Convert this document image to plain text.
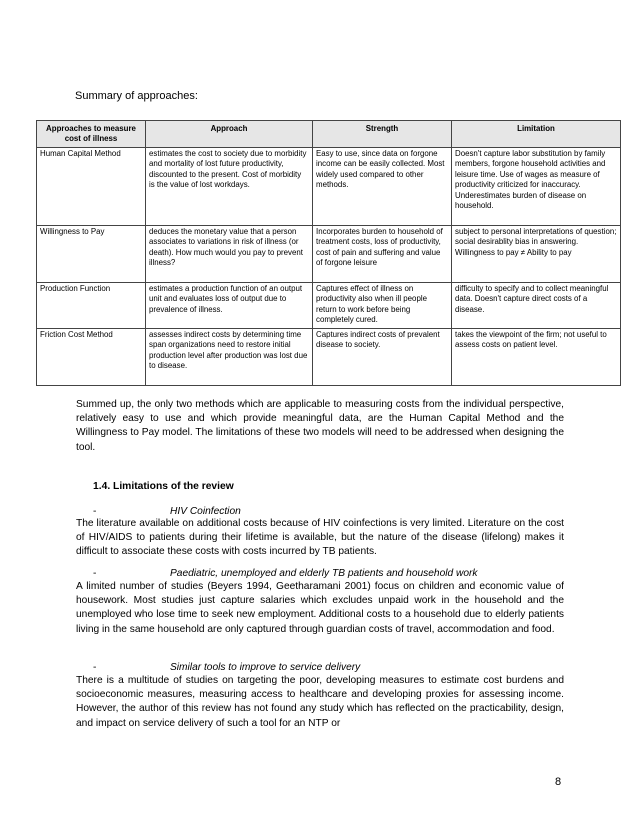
Summary of approaches:
Approaches to measure cost of illness	Approach	Strength	Limitation
Human Capital Method	estimates the cost to society due to morbidity and mortality of lost future productivity, discounted to the present. Cost of morbidity is the value of lost workdays.	Easy to use, since data on forgone income can be easily collected. Most widely used compared to other methods.	Doesn't capture labor substitution by family members, forgone household activities and leisure time. Use of wages as measure of productivity criticized for inaccuracy. Underestimates burden of disease on household.
Willingness to Pay	deduces the monetary value that a person associates to variations in risk of illness (or death). How much would you pay to prevent illness?	Incorporates burden to household of treatment costs, loss of productivity, cost of pain and suffering and value of forgone leisure	subject to personal interpretations of question; social desirablity bias in answering. Willingness to pay ≠ Ability to pay
Production Function	estimates a production function of an output unit and evaluates loss of output due to prevalence of illness.	Captures effect of illness on productivity also when ill people return to work before being completely cured.	difficulty to specify and to collect meaningful data. Doesn't capture direct costs of a disease.
Friction Cost Method	assesses indirect costs by determining time span organizations need to restore initial production level after production was lost due to disease.	Captures indirect costs of prevalent disease to society.	takes the viewpoint of the firm; not useful to assess costs on patient level.
Summed up, the only two methods which are applicable to measuring costs from the individual perspective, relatively easy to use and which provide meaningful data, are the Human Capital Method and the Willingness to Pay model. The limitations of these two models will need to be addressed when designing the tool.
1.4. Limitations of the review
-	HIV Coinfection
The literature available on additional costs because of HIV coinfections is very limited. Literature on the cost of HIV/AIDS to patients during their lifetime is available, but the nature of the disease (lifelong) makes it difficult to associate these costs with costs incurred by TB patients.
-	Paediatric, unemployed and elderly TB patients and household work
A limited number of studies (Beyers 1994, Geetharamani 2001) focus on children and economic value of housework. Most studies just capture salaries which excludes unpaid work in the household and the unemployed who lose time to seek new employment. Additional costs to a household due to elderly patients living in the same household are only captured through guardian costs of travel, accommodation and food.
-	Similar tools to improve to service delivery
There is a multitude of studies on targeting the poor, developing measures to estimate cost burdens and socioeconomic measures, measuring access to healthcare and developing proxies for assessing income. However, the author of this review has not found any study which has reflected on the practicability, design, and impact on service delivery of such a tool for an NTP or
8
